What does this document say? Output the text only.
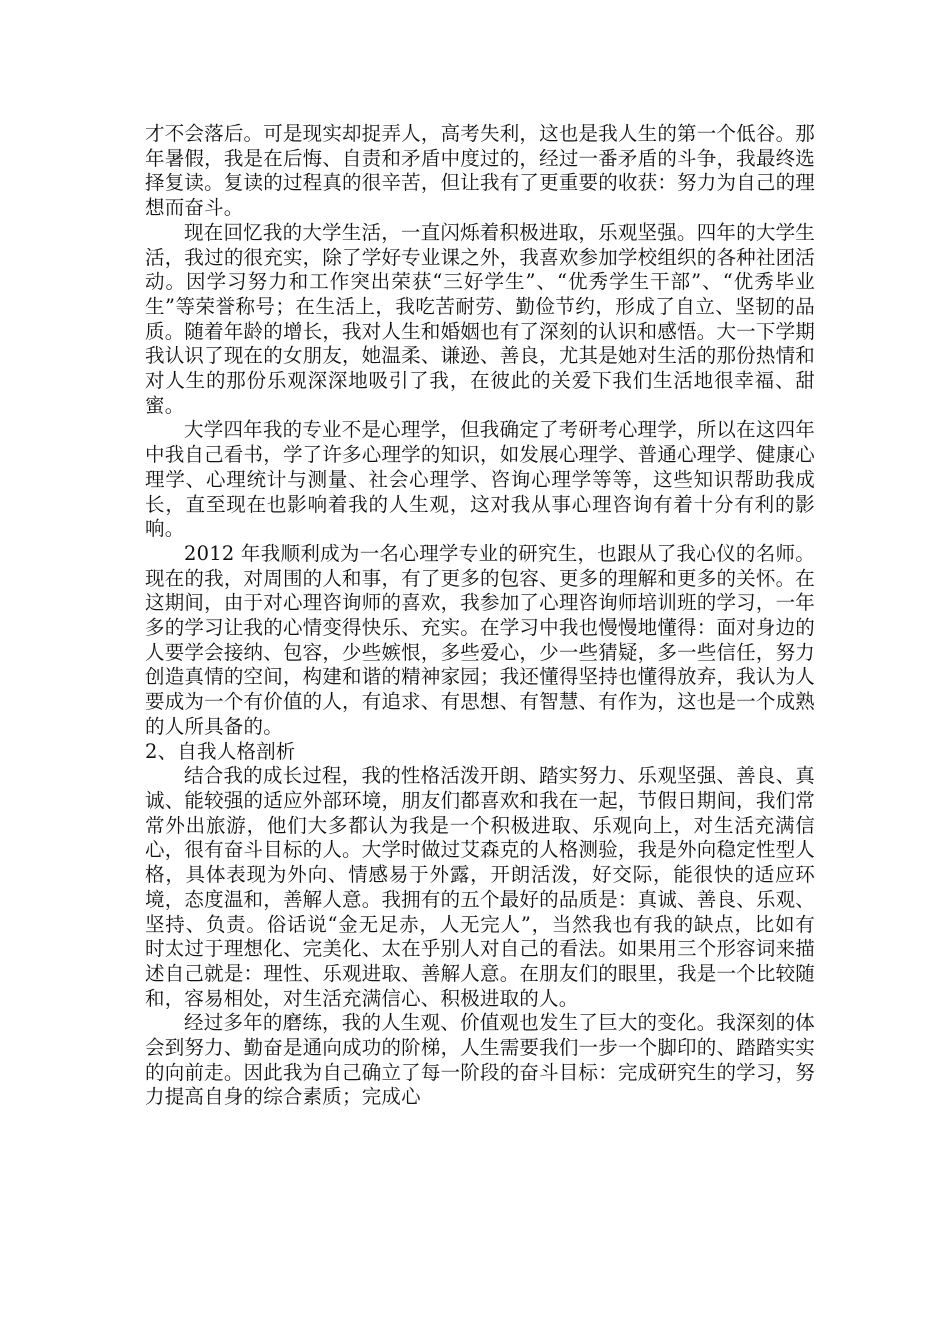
才不会落后。可是现实却捉弄人，高考失利，这也是我人生的第一个低谷。那年暑假，我是在后悔、自责和矛盾中度过的，经过一番矛盾的斗争，我最终选择复读。复读的过程真的很辛苦，但让我有了更重要的收获：努力为自己的理想而奋斗。

现在回忆我的大学生活，一直闪烁着积极进取，乐观坚强。四年的大学生活，我过的很充实，除了学好专业课之外，我喜欢参加学校组织的各种社团活动。因学习努力和工作突出荣获“三好学生”、“优秀学生干部”、“优秀毕业生”等荣誉称号；在生活上，我吃苦耐劳、勤俭节约，形成了自立、坚韧的品质。随着年龄的增长，我对人生和婚姻也有了深刻的认识和感悟。大一下学期我认识了现在的女朋友，她温柔、谦逊、善良，尤其是她对生活的那份热情和对人生的那份乐观深深地吸引了我，在彼此的关爱下我们生活地很幸福、甜蜜。

大学四年我的专业不是心理学，但我确定了考研考心理学，所以在这四年中我自己看书，学了许多心理学的知识，如发展心理学、普通心理学、健康心理学、心理统计与测量、社会心理学、咨询心理学等等，这些知识帮助我成长，直至现在也影响着我的人生观，这对我从事心理咨询有着十分有利的影响。

2012 年我顺利成为一名心理学专业的研究生，也跟从了我心仪的名师。现在的我，对周围的人和事，有了更多的包容、更多的理解和更多的关怀。在这期间，由于对心理咨询师的喜欢，我参加了心理咨询师培训班的学习，一年多的学习让我的心情变得快乐、充实。在学习中我也慢慢地懂得：面对身边的人要学会接纳、包容，少些嫉恨，多些爱心，少一些猜疑，多一些信任，努力创造真情的空间，构建和谐的精神家园；我还懂得坚持也懂得放弃，我认为人要成为一个有价值的人，有追求、有思想、有智慧、有作为，这也是一个成熟的人所具备的。

2、自我人格剖析

结合我的成长过程，我的性格活泼开朗、踏实努力、乐观坚强、善良、真诚、能较强的适应外部环境，朋友们都喜欢和我在一起，节假日期间，我们常常外出旅游，他们大多都认为我是一个积极进取、乐观向上，对生活充满信心，很有奋斗目标的人。大学时做过艾森克的人格测验，我是外向稳定性型人格，具体表现为外向、情感易于外露，开朗活泼，好交际，能很快的适应环境，态度温和，善解人意。我拥有的五个最好的品质是：真诚、善良、乐观、坚持、负责。俗话说“金无足赤，人无完人”，当然我也有我的缺点，比如有时太过于理想化、完美化、太在乎别人对自己的看法。如果用三个形容词来描述自己就是：理性、乐观进取、善解人意。在朋友们的眼里，我是一个比较随和，容易相处，对生活充满信心、积极进取的人。

经过多年的磨练，我的人生观、价值观也发生了巨大的变化。我深刻的体会到努力、勤奋是通向成功的阶梯，人生需要我们一步一个脚印的、踏踏实实的向前走。因此我为自己确立了每一阶段的奋斗目标：完成研究生的学习，努力提高自身的综合素质；完成心
